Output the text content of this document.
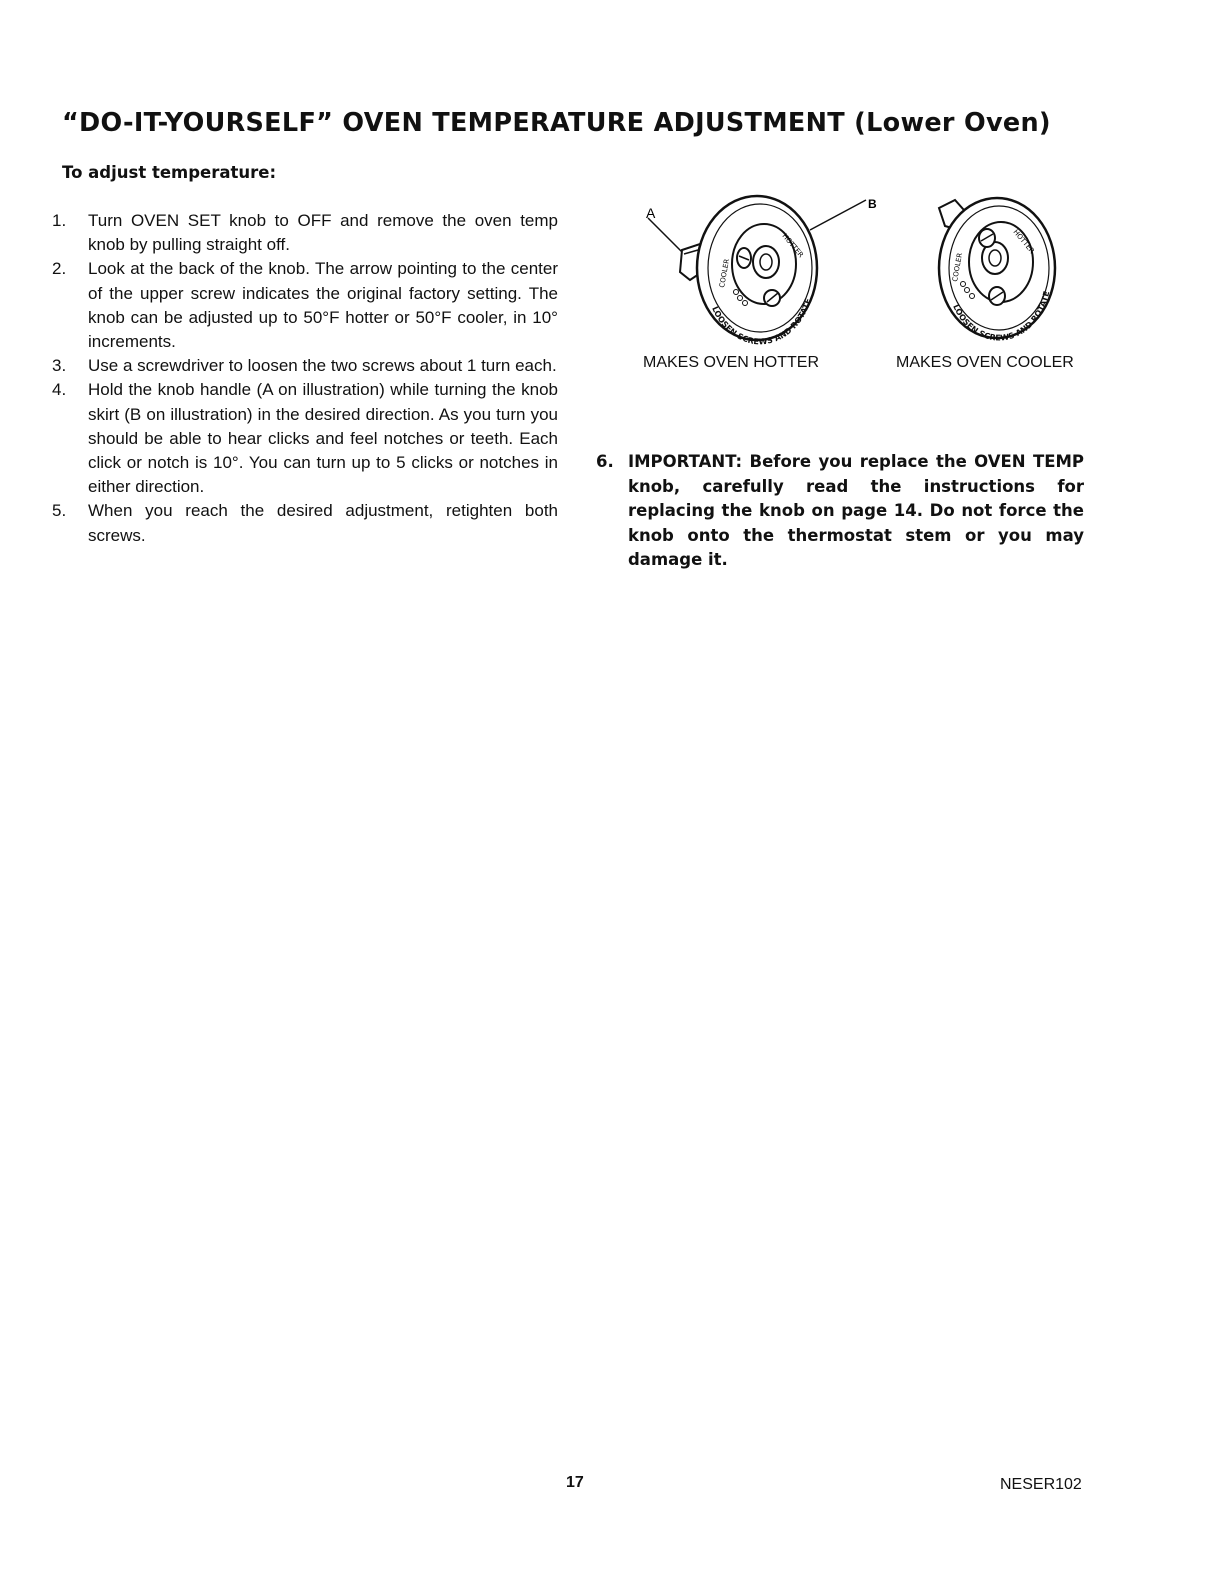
“DO-IT-YOURSELF” OVEN TEMPERATURE ADJUSTMENT (Lower Oven)
To adjust temperature:
1.	Turn OVEN SET knob to OFF and remove the oven temp knob by pulling straight off.
2.	Look at the back of the knob. The arrow pointing to the center of the upper screw indicates the original factory setting. The knob can be adjusted up to 50°F hotter or 50°F cooler, in 10° increments.
3.	Use a screwdriver to loosen the two screws about 1 turn each.
4.	Hold the knob handle (A on illustration) while turning the knob skirt (B on illustration) in the desired direction. As you turn you should be able to hear clicks and feel notches or teeth. Each click or notch is 10°. You can turn up to 5 clicks or notches in either direction.
5.	When you reach the desired adjustment, retighten both screws.
LOOSEN SCREWS AND ROTATE
HOTTER
COOLER
A
B
LOOSEN SCREWS AND ROTATE
HOTTER
COOLER
MAKES OVEN HOTTER	MAKES OVEN COOLER
6. IMPORTANT: Before you replace the OVEN TEMP knob, carefully read the instructions for replacing the knob on page 14. Do not force the knob onto the thermostat stem or you may damage it.
17	NESER102
